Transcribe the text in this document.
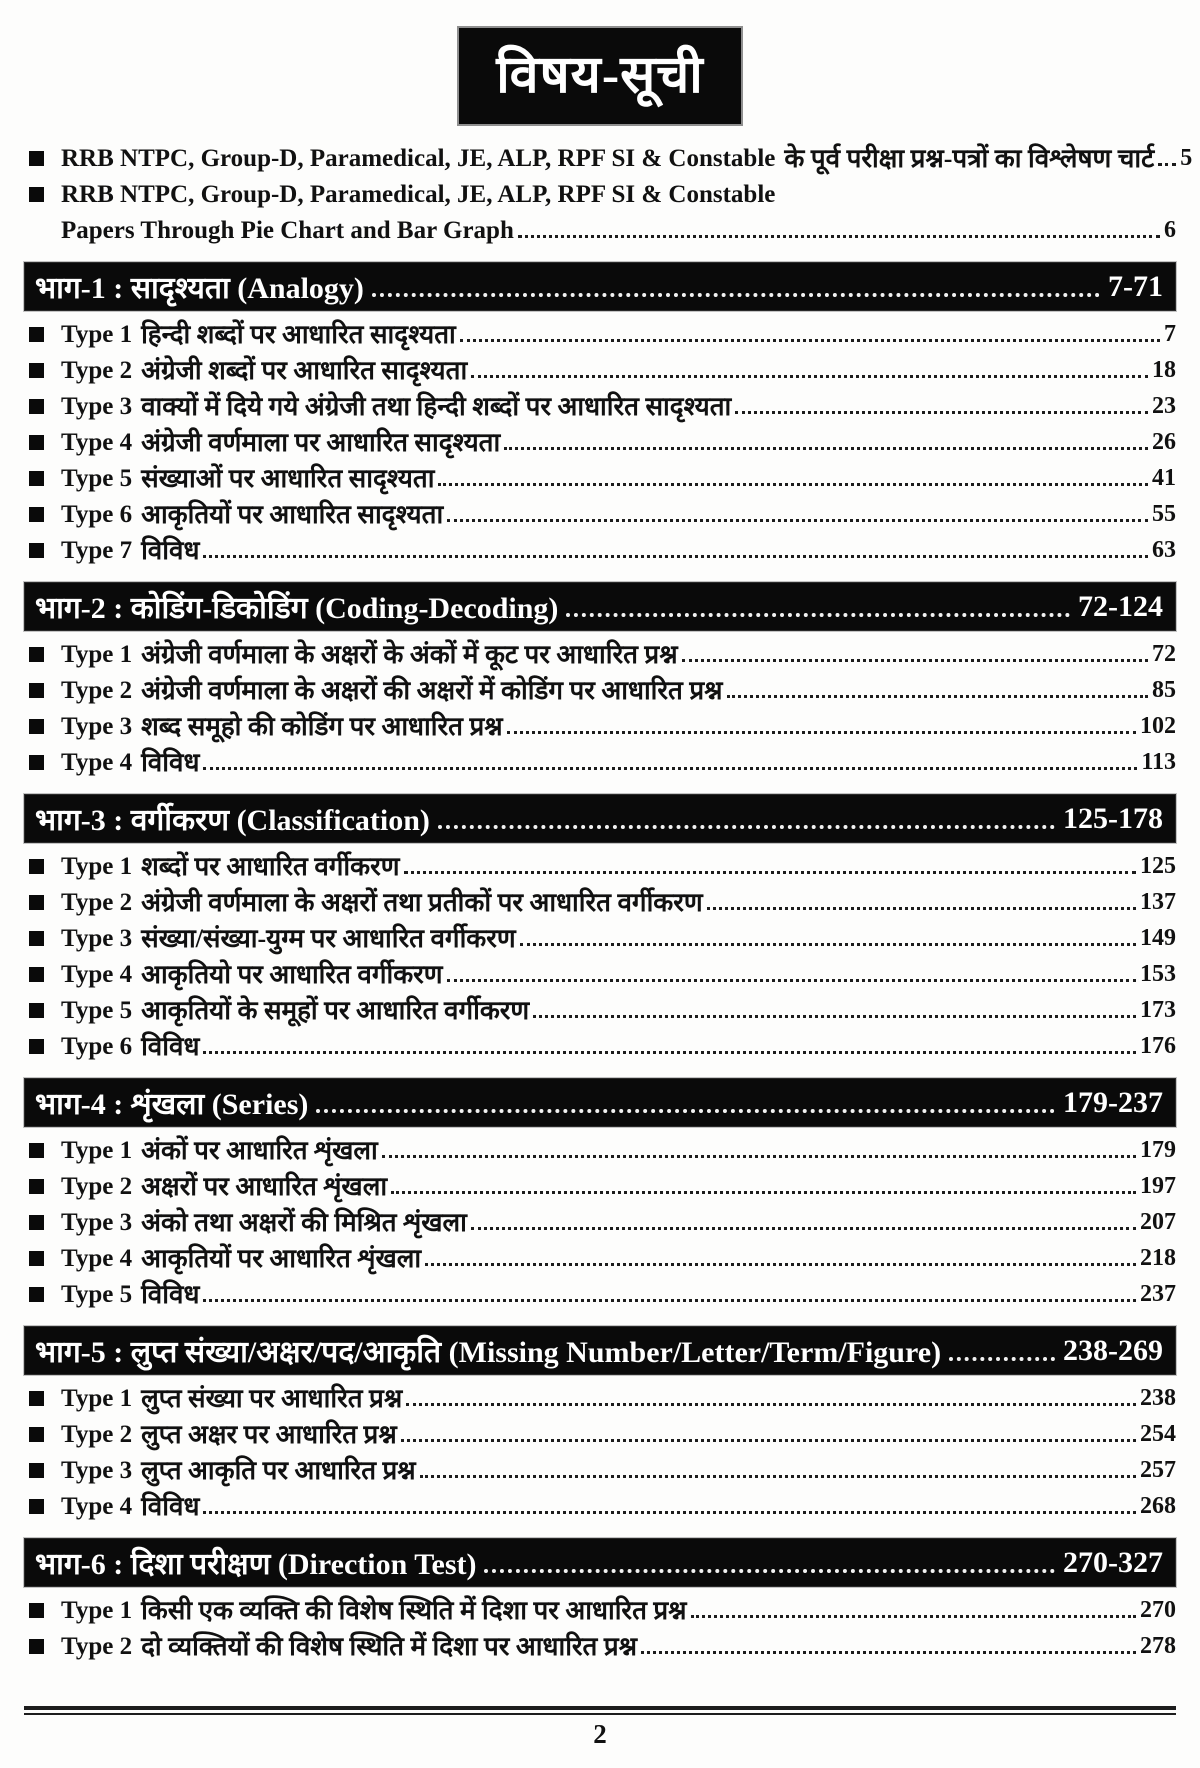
विषय-सूची
RRB NTPC, Group-D, Paramedical, JE, ALP, RPF SI & Constable के पूर्व परीक्षा प्रश्न-पत्रों का विश्लेषण चार्ट 5
RRB NTPC, Group-D, Paramedical, JE, ALP, RPF SI & Constable
Papers Through Pie Chart and Bar Graph	6
भाग-1 : सादृश्यता (Analogy)	7-71
Type 1 हिन्दी शब्दों पर आधारित सादृश्यता	7
Type 2 अंग्रेजी शब्दों पर आधारित सादृश्यता	18
Type 3 वाक्यों में दिये गये अंग्रेजी तथा हिन्दी शब्दों पर आधारित सादृश्यता	23
Type 4 अंग्रेजी वर्णमाला पर आधारित सादृश्यता	26
Type 5 संख्याओं पर आधारित सादृश्यता	41
Type 6 आकृतियों पर आधारित सादृश्यता	55
Type 7 विविध	63
भाग-2 : कोडिंग-डिकोडिंग (Coding-Decoding)	72-124
Type 1 अंग्रेजी वर्णमाला के अक्षरों के अंकों में कूट पर आधारित प्रश्न	72
Type 2 अंग्रेजी वर्णमाला के अक्षरों की अक्षरों में कोडिंग पर आधारित प्रश्न	85
Type 3 शब्द समूहो की कोडिंग पर आधारित प्रश्न	102
Type 4 विविध	113
भाग-3 : वर्गीकरण (Classification)	125-178
Type 1 शब्दों पर आधारित वर्गीकरण	125
Type 2 अंग्रेजी वर्णमाला के अक्षरों तथा प्रतीकों पर आधारित वर्गीकरण	137
Type 3 संख्या/संख्या-युग्म पर आधारित वर्गीकरण	149
Type 4 आकृतियो पर आधारित वर्गीकरण	153
Type 5 आकृतियों के समूहों पर आधारित वर्गीकरण	173
Type 6 विविध	176
भाग-4 : शृंखला (Series)	179-237
Type 1 अंकों पर आधारित शृंखला	179
Type 2 अक्षरों पर आधारित शृंखला	197
Type 3 अंको तथा अक्षरों की मिश्रित शृंखला	207
Type 4 आकृतियों पर आधारित शृंखला	218
Type 5 विविध	237
भाग-5 : लुप्त संख्या/अक्षर/पद/आकृति (Missing Number/Letter/Term/Figure)	238-269
Type 1 लुप्त संख्या पर आधारित प्रश्न	238
Type 2 लुप्त अक्षर पर आधारित प्रश्न	254
Type 3 लुप्त आकृति पर आधारित प्रश्न	257
Type 4 विविध	268
भाग-6 : दिशा परीक्षण (Direction Test)	270-327
Type 1 किसी एक व्यक्ति की विशेष स्थिति में दिशा पर आधारित प्रश्न	270
Type 2 दो व्यक्तियों की विशेष स्थिति में दिशा पर आधारित प्रश्न	278
2
